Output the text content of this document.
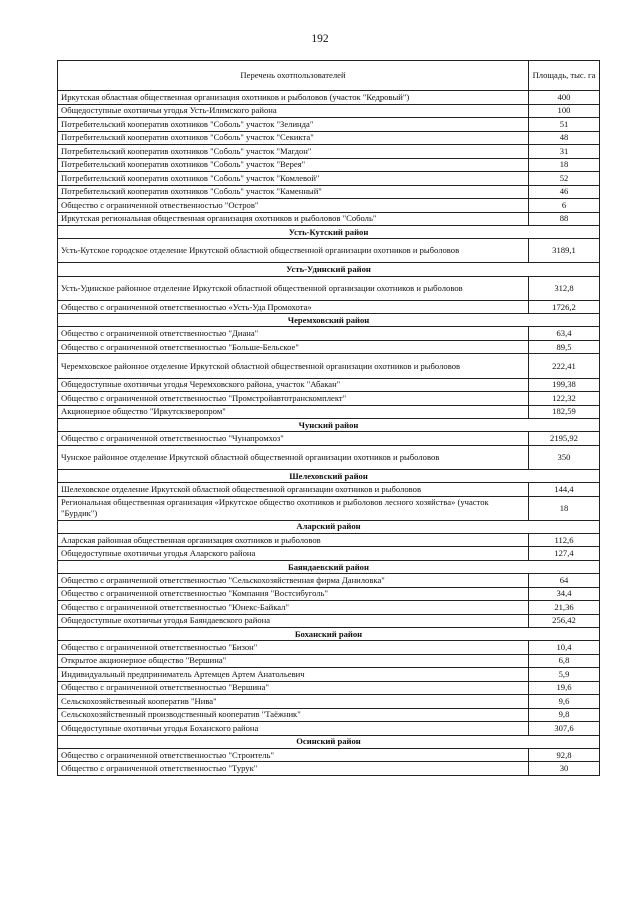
192
Перечень охотпользователей	Площадь, тыс. га
Иркутская областная общественная организация охотников и рыболовов (участок "Кедровый")	400
Общедоступные охотничьи угодья Усть-Илимского района	100
Потребительский кооператив охотников "Соболь" участок "Зелинда"	51
Потребительский кооператив охотников "Соболь" участок "Секикта"	48
Потребительский кооператив охотников "Соболь" участок "Магдон"	31
Потребительский кооператив охотников "Соболь" участок "Верея"	18
Потребительский кооператив охотников "Соболь" участок "Комлевой"	52
Потребительский кооператив охотников "Соболь" участок "Каменный"	46
Общество с ограниченной отвественностью "Остров"	6
Иркутская региональная общественная организация охотников и рыболовов "Соболь"	88
Усть-Кутский район	
Усть-Кутское городское отделение Иркутской областной общественной организации охотников и рыболовов	3189,1
Усть-Удинский район	
Усть-Удинское районное отделение Иркутской областной общественной организации охотников и рыболовов	312,8
Общество с ограниченной ответственностью «Усть-Уда Промохота»	1726,2
Черемховский район	
Общество с ограниченной ответственностью "Диана"	63,4
Общество с ограниченной ответственностью "Больше-Бельское"	89,5
Черемховское районное отделение Иркутской областной общественной организации охотников и рыболовов	222,41
Общедоступные охотничьи угодья Черемховского района, участок "Абакан"	199,38
Общество с ограниченной ответственностью "Промстройавтотранскомплект"	122,32
Акционерное общество "Иркутскзверопром"	182,59
Чунский район	
Общество с ограниченной ответственностью "Чунапромхоз"	2195,92
Чунское районное отделение Иркутской областной общественной организации охотников и рыболовов	350
Шелеховский район	
Шелеховское отделение Иркутской областной общественной организации охотников и рыболовов	144,4
Региональная общественная организация «Иркутское общество охотников и рыболовов лесного хозяйства» (участок "Бурдик")	18
Аларский район	
Аларская районная общественная организация охотников и рыболовов	112,6
Общедоступные охотничьи угодья Аларского района	127,4
Баяндаевский район	
Общество с ограниченной ответственностью "Сельскохозяйственная фирма Даниловка"	64
Общество с ограниченной ответственностью "Компания "Востсибуголь"	34,4
Общество с ограниченной ответственностью "Юнекс-Байкал"	21,36
Общедоступные охотничьи угодья Баяндаевского района	256,42
Боханский район	
Общество с ограниченной ответственностью "Бизон"	10,4
Открытое акционерное общество "Вершина"	6,8
Индивидуальный предприниматель Артемцев Артем Анатольевич	5,9
Общество с ограниченной ответственностью "Вершина"	19,6
Сельскохозяйственный кооператив "Нива"	9,6
Сельскохозяйственный производственный кооператив "Таёжник"	9,8
Общедоступные охотничьи угодья Боханского района	307,6
Осинский район	
Общество с ограниченной ответственностью "Строитель"	92,8
Общество с ограниченной ответственностью "Турук"	30
